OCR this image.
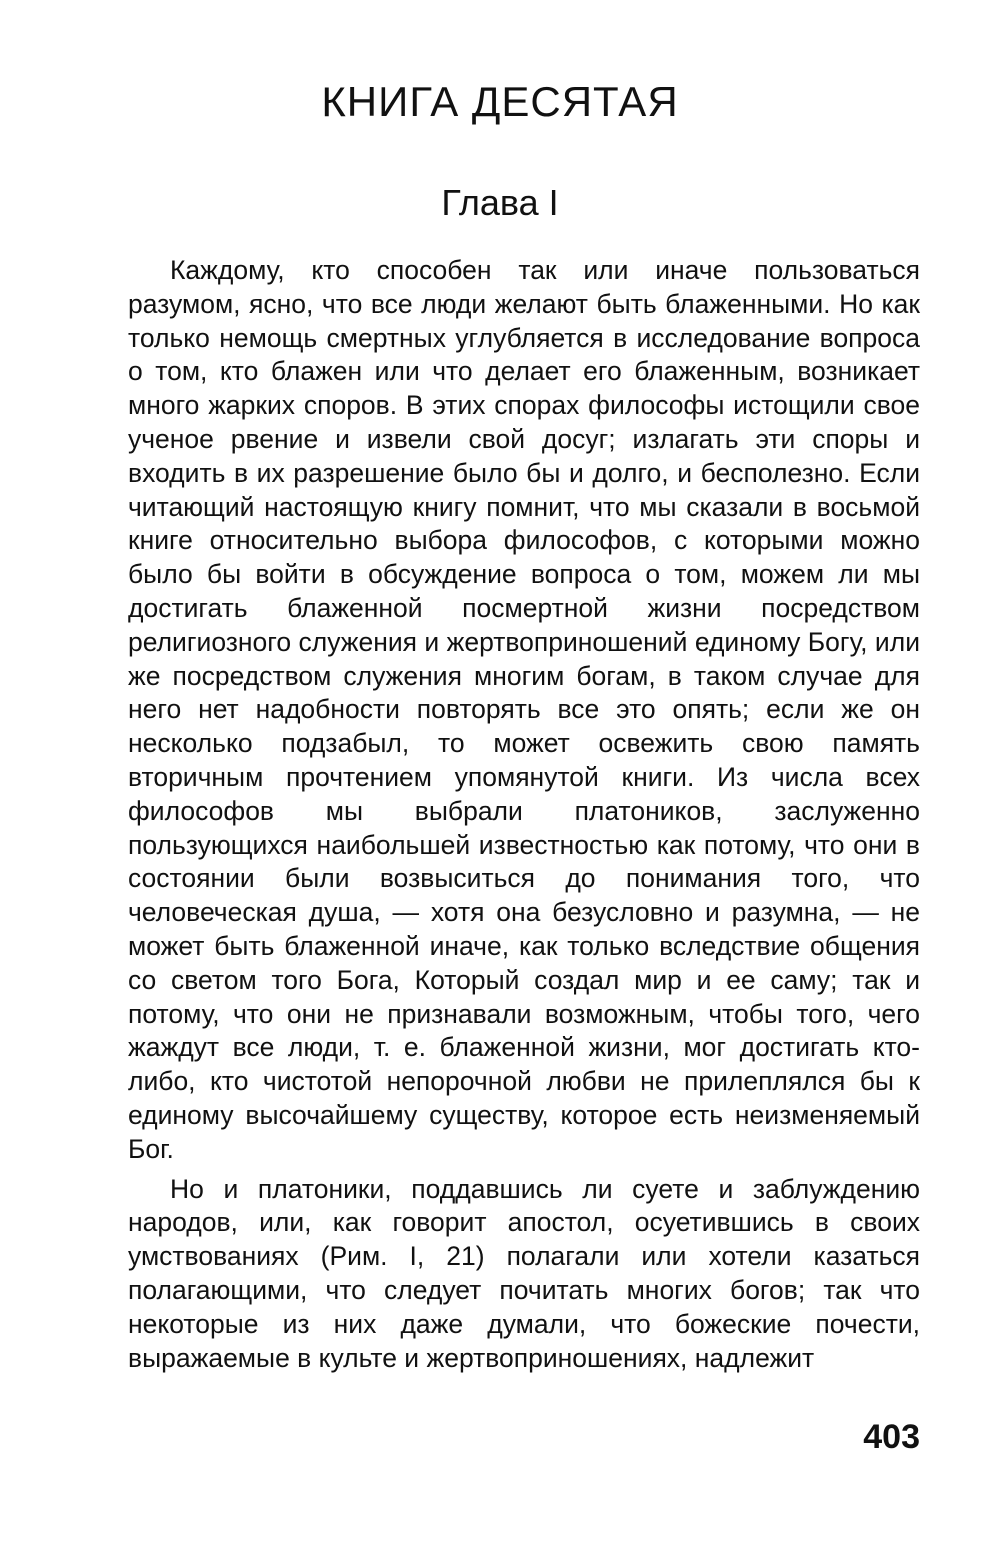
КНИГА ДЕСЯТАЯ
Глава I

Каждому, кто способен так или иначе пользоваться разумом, ясно, что все люди желают быть блаженными. Но как только немощь смертных углубляется в исследование вопроса о том, кто блажен или что делает его блаженным, возникает много жарких споров. В этих спорах философы истощили свое ученое рвение и извели свой досуг; излагать эти споры и входить в их разрешение было бы и долго, и бесполезно. Если читающий настоящую книгу помнит, что мы сказали в восьмой книге относительно выбора философов, с которыми можно было бы войти в обсуждение вопроса о том, можем ли мы достигать блаженной посмертной жизни посредством религиозного служения и жертвоприношений единому Богу, или же посредством служения многим богам, в таком случае для него нет надобности повторять все это опять; если же он несколько подзабыл, то может освежить свою память вторичным прочтением упомянутой книги. Из числа всех философов мы выбрали платоников, заслуженно пользующихся наибольшей известностью как потому, что они в состоянии были возвыситься до понимания того, что человеческая душа, — хотя она безусловно и разумна, — не может быть блаженной иначе, как только вследствие общения со светом того Бога, Который создал мир и ее саму; так и потому, что они не признавали возможным, чтобы того, чего жаждут все люди, т. е. блаженной жизни, мог достигать кто-либо, кто чистотой непорочной любви не прилеплялся бы к единому высочайшему существу, которое есть неизменяемый Бог.

Но и платоники, поддавшись ли суете и заблуждению народов, или, как говорит апостол, осуетившись в своих умствованиях (Рим. I, 21) полагали или хотели казаться полагающими, что следует почитать многих богов; так что некоторые из них даже думали, что божеские почести, выражаемые в культе и жертвоприношениях, надлежит

403
